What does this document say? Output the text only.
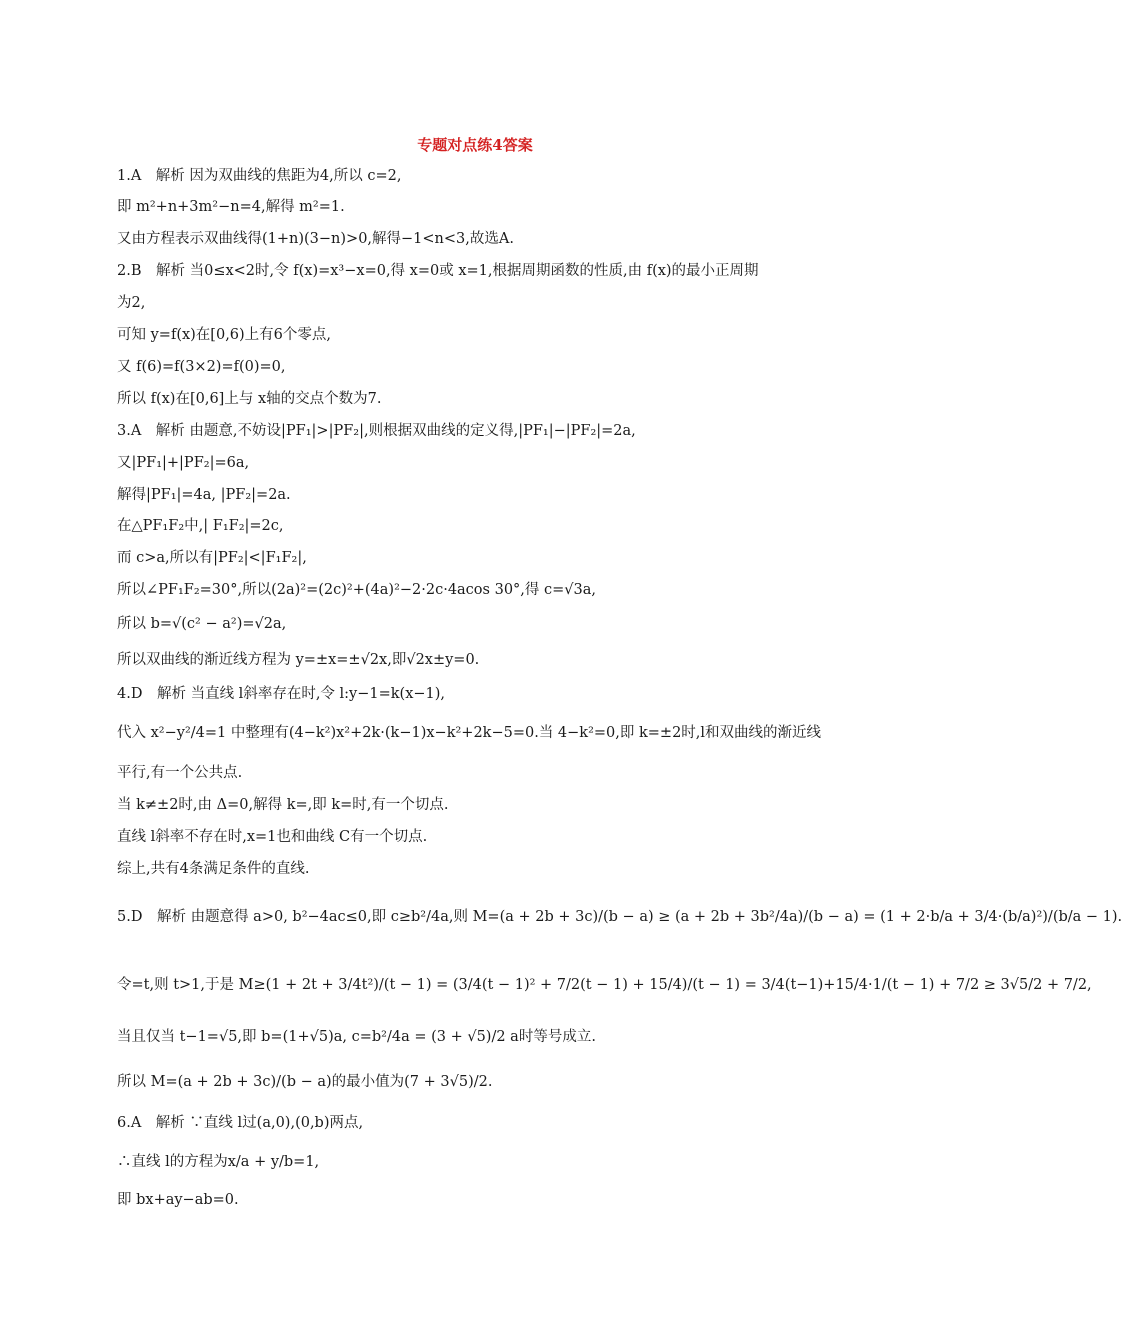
专题对点练4答案
1.A　解析 因为双曲线的焦距为4,所以 c=2,
即 m²+n+3m²−n=4,解得 m²=1.
又由方程表示双曲线得(1+n)(3−n)>0,解得−1<n<3,故选A.
2.B　解析 当0≤x<2时,令 f(x)=x³−x=0,得 x=0或 x=1,根据周期函数的性质,由 f(x)的最小正周期
为2,
可知 y=f(x)在[0,6)上有6个零点,
又 f(6)=f(3×2)=f(0)=0,
所以 f(x)在[0,6]上与 x轴的交点个数为7.
3.A　解析 由题意,不妨设|PF₁|>|PF₂|,则根据双曲线的定义得,|PF₁|−|PF₂|=2a,
又|PF₁|+|PF₂|=6a,
解得|PF₁|=4a, |PF₂|=2a.
在△PF₁F₂中,| F₁F₂|=2c,
而 c>a,所以有|PF₂|<|F₁F₂|,
所以∠PF₁F₂=30°,所以(2a)²=(2c)²+(4a)²−2·2c·4acos 30°,得 c=√3a,
所以 b=√(c² − a²)=√2a,
所以双曲线的渐近线方程为 y=±x=±√2x,即√2x±y=0.
4.D　解析 当直线 l斜率存在时,令 l:y−1=k(x−1),
代入 x²−y²/4=1 中整理有(4−k²)x²+2k·(k−1)x−k²+2k−5=0.当 4−k²=0,即 k=±2时,l和双曲线的渐近线
平行,有一个公共点.
当 k≠±2时,由 Δ=0,解得 k=,即 k=时,有一个切点.
直线 l斜率不存在时,x=1也和曲线 C有一个切点.
综上,共有4条满足条件的直线.
5.D　解析 由题意得 a>0, b²−4ac≤0,即 c≥b²/4a,则 M=(a + 2b + 3c)/(b − a) ≥ (a + 2b + 3b²/4a)/(b − a) = (1 + 2·b/a + 3/4·(b/a)²)/(b/a − 1).
令=t,则 t>1,于是 M≥(1 + 2t + 3/4t²)/(t − 1) = (3/4(t − 1)² + 7/2(t − 1) + 15/4)/(t − 1) = 3/4(t−1)+15/4·1/(t − 1) + 7/2 ≥ 3√5/2 + 7/2,
当且仅当 t−1=√5,即 b=(1+√5)a, c=b²/4a = (3 + √5)/2 a时等号成立.
所以 M=(a + 2b + 3c)/(b − a)的最小值为(7 + 3√5)/2.
6.A　解析 ∵直线 l过(a,0),(0,b)两点,
∴直线 l的方程为x/a + y/b=1,
即 bx+ay−ab=0.
